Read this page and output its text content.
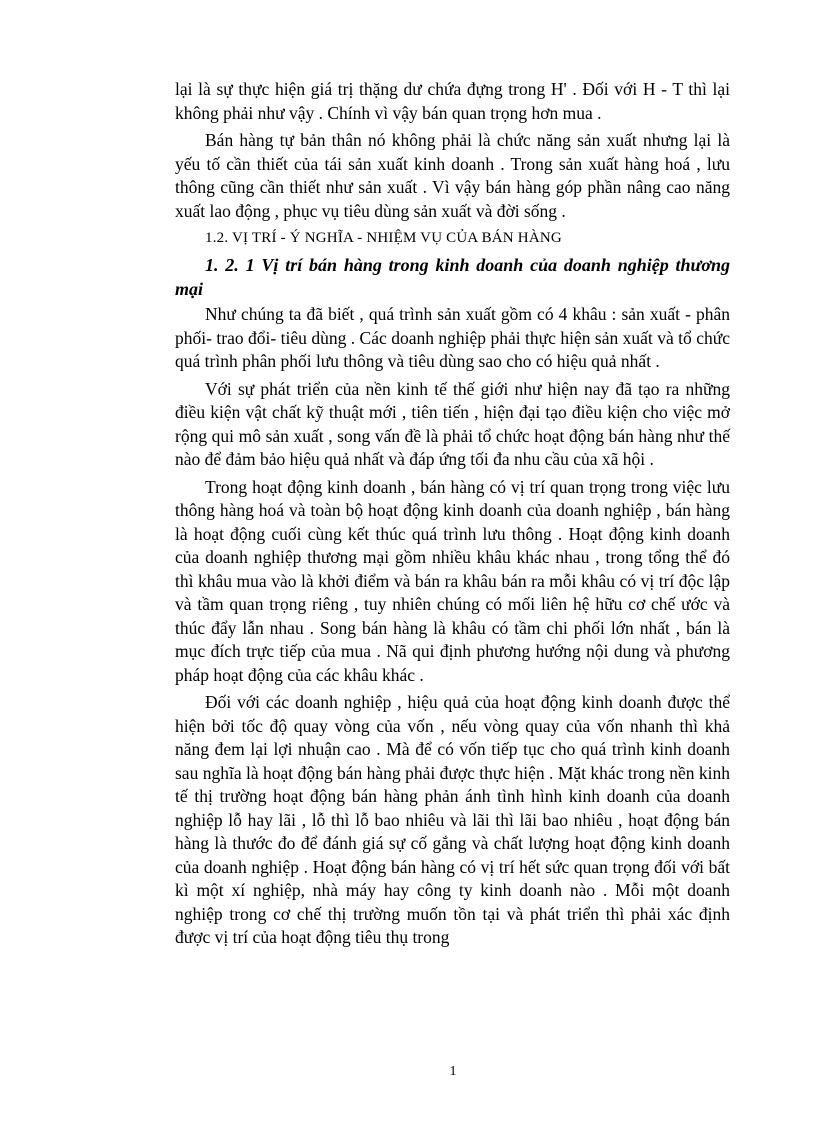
lại là sự thực hiện giá trị thặng dư chứa đựng trong H' . Đối với H - T thì lại không phải như vậy . Chính vì vậy bán quan trọng hơn mua .

Bán hàng tự bản thân nó không phải là chức năng sản xuất nhưng lại là yếu tố cần thiết của tái sản xuất kinh doanh . Trong sản xuất hàng hoá , lưu thông cũng cần thiết như sản xuất . Vì vậy bán hàng góp phần nâng cao năng xuất lao động , phục vụ tiêu dùng sản xuất và đời sống .

1.2. VỊ TRÍ - Ý NGHĨA - NHIỆM VỤ CỦA BÁN HÀNG

1. 2. 1 Vị trí bán hàng trong kinh doanh của doanh nghiệp thương mại

Như chúng ta đã biết , quá trình sản xuất gồm có 4 khâu : sản xuất - phân phối- trao đổi- tiêu dùng . Các doanh nghiệp phải thực hiện sản xuất và tổ chức quá trình phân phối lưu thông và tiêu dùng sao cho có hiệu quả nhất .

Với sự phát triển của nền kinh tế thế giới như hiện nay đã tạo ra những điều kiện vật chất kỹ thuật mới , tiên tiến , hiện đại tạo điều kiện cho việc mở rộng qui mô sản xuất , song vấn đề là phải tổ chức hoạt động bán hàng như thế nào để đảm bảo hiệu quả nhất và đáp ứng tối đa nhu cầu của xã hội .

Trong hoạt động kinh doanh , bán hàng có vị trí quan trọng trong việc lưu thông hàng hoá và toàn bộ hoạt động kinh doanh của doanh nghiệp , bán hàng là hoạt động cuối cùng kết thúc quá trình lưu thông . Hoạt động kinh doanh của doanh nghiệp thương mại gồm nhiều khâu khác nhau , trong tổng thể đó thì khâu mua vào là khởi điểm và bán ra khâu bán ra mỗi khâu có vị trí độc lập và tầm quan trọng riêng , tuy nhiên chúng có mối liên hệ hữu cơ chế ước và thúc đẩy lẫn nhau . Song bán hàng là khâu có tầm chi phối lớn nhất , bán là mục đích trực tiếp của mua . Nã qui định phương hướng nội dung và phương pháp hoạt động của các khâu khác .

Đối với các doanh nghiệp , hiệu quả của hoạt động kinh doanh được thể hiện bởi tốc độ quay vòng của vốn , nếu vòng quay của vốn nhanh thì khả năng đem lại lợi nhuận cao . Mà để có vốn tiếp tục cho quá trình kinh doanh sau nghĩa là hoạt động bán hàng phải được thực hiện . Mặt khác trong nền kinh tế thị trường hoạt động bán hàng phản ánh tình hình kinh doanh của doanh nghiệp lỗ hay lãi , lỗ thì lỗ bao nhiêu và lãi thì lãi bao nhiêu , hoạt động bán hàng là thước đo để đánh giá sự cố gắng và chất lượng hoạt động kinh doanh của doanh nghiệp . Hoạt động bán hàng có vị trí hết sức quan trọng đối với bất kì một xí nghiệp, nhà máy hay công ty kinh doanh nào . Mỗi một doanh nghiệp trong cơ chế thị trường muốn tồn tại và phát triển thì phải xác định được vị trí của hoạt động tiêu thụ trong

1
